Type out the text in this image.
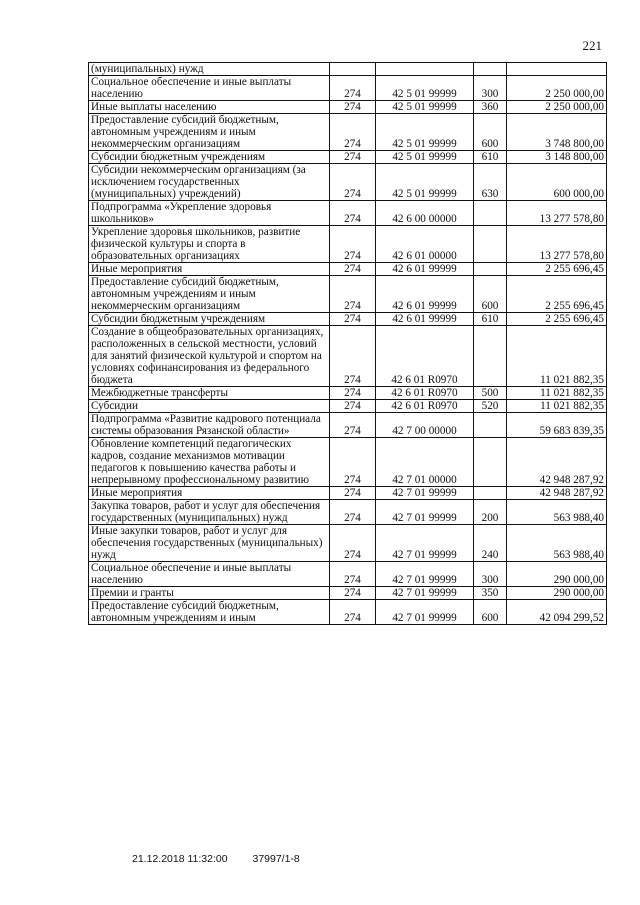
221
(муниципальных) нужд				
Социальное обеспечение и иные выплаты населению	274	42 5 01 99999	300	2 250 000,00
Иные выплаты населению	274	42 5 01 99999	360	2 250 000,00
Предоставление субсидий бюджетным, автономным учреждениям и иным некоммерческим организациям	274	42 5 01 99999	600	3 748 800,00
Субсидии бюджетным учреждениям	274	42 5 01 99999	610	3 148 800,00
Субсидии некоммерческим организациям (за исключением государственных (муниципальных) учреждений)	274	42 5 01 99999	630	600 000,00
Подпрограмма «Укрепление здоровья школьников»	274	42 6 00 00000		13 277 578,80
Укрепление здоровья школьников, развитие физической культуры и спорта в образовательных организациях	274	42 6 01 00000		13 277 578,80
Иные мероприятия	274	42 6 01 99999		2 255 696,45
Предоставление субсидий бюджетным, автономным учреждениям и иным некоммерческим организациям	274	42 6 01 99999	600	2 255 696,45
Субсидии бюджетным учреждениям	274	42 6 01 99999	610	2 255 696,45
Создание в общеобразовательных организациях, расположенных в сельской местности, условий для занятий физической культурой и спортом на условиях софинансирования из федерального бюджета	274	42 6 01 R0970		11 021 882,35
Межбюджетные трансферты	274	42 6 01 R0970	500	11 021 882,35
Субсидии	274	42 6 01 R0970	520	11 021 882,35
Подпрограмма «Развитие кадрового потенциала системы образования Рязанской области»	274	42 7 00 00000		59 683 839,35
Обновление компетенций педагогических кадров, создание механизмов мотивации педагогов к повышению качества работы и непрерывному профессиональному развитию	274	42 7 01 00000		42 948 287,92
Иные мероприятия	274	42 7 01 99999		42 948 287,92
Закупка товаров, работ и услуг для обеспечения государственных (муниципальных) нужд	274	42 7 01 99999	200	563 988,40
Иные закупки товаров, работ и услуг для обеспечения государственных (муниципальных) нужд	274	42 7 01 99999	240	563 988,40
Социальное обеспечение и иные выплаты населению	274	42 7 01 99999	300	290 000,00
Премии и гранты	274	42 7 01 99999	350	290 000,00
Предоставление субсидий бюджетным, автономным учреждениям и иным	274	42 7 01 99999	600	42 094 299,52
21.12.2018 11:32:00 37997/1-8
